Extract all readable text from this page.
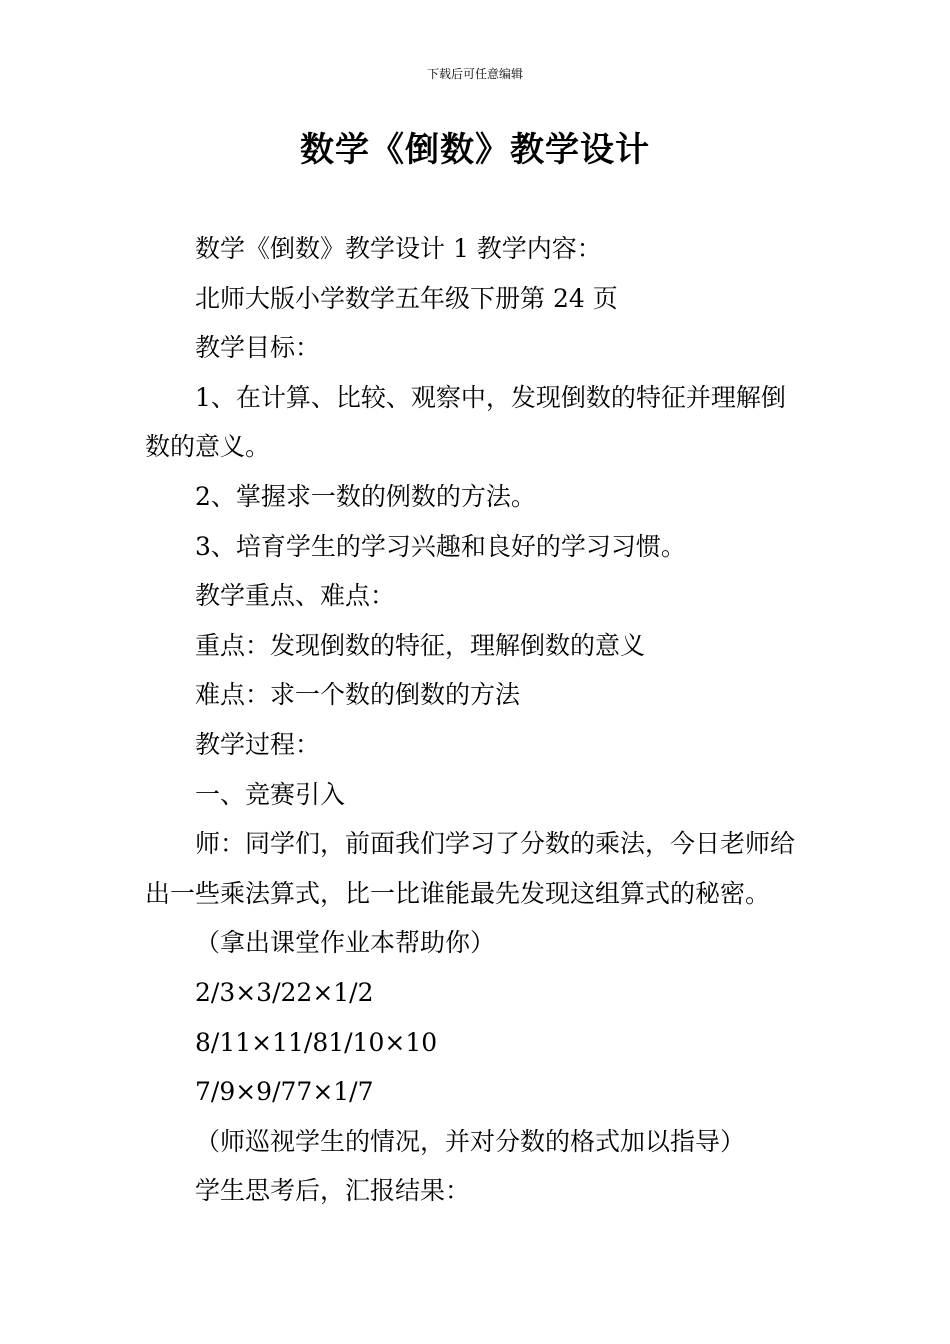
下载后可任意编辑
数学《倒数》教学设计

数学《倒数》教学设计 1 教学内容：

北师大版小学数学五年级下册第 24 页

教学目标：

1、在计算、比较、观察中，发现倒数的特征并理解倒数的意义。

2、掌握求一数的例数的方法。

3、培育学生的学习兴趣和良好的学习习惯。

教学重点、难点：

重点：发现倒数的特征，理解倒数的意义

难点：求一个数的倒数的方法

教学过程：

一、竞赛引入

师：同学们，前面我们学习了分数的乘法，今日老师给出一些乘法算式，比一比谁能最先发现这组算式的秘密。

（拿出课堂作业本帮助你）

2/3×3/22×1/2

8/11×11/81/10×10

7/9×9/77×1/7

（师巡视学生的情况，并对分数的格式加以指导）

学生思考后，汇报结果：
